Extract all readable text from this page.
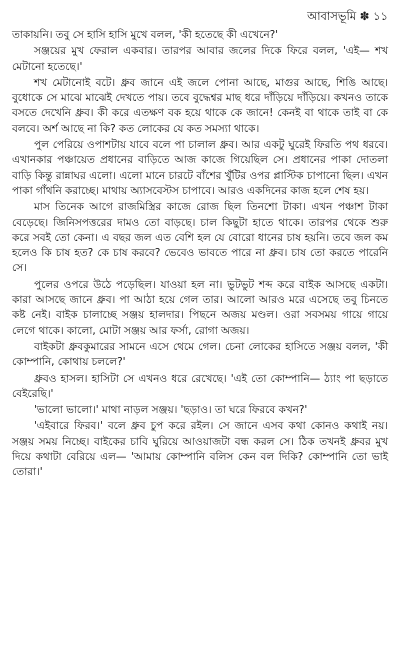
আবাসভূমি ✽ ১১

তাকায়নি। তবু সে হাসি হাসি মুখে বলল, 'কী হতেছে কী এখেনে?'

সঞ্জয়ের মুখ ফেরাল একবার। তারপর আবার জলের দিকে ফিরে বলল, 'এই— শখ মেটানো হতেছে।'

শখ মেটানোই বটে। ধ্রুব জানে এই জলে পোনা আছে, মাগুর আছে, শিঙি আছে। বুধোকে সে মাঝে মাঝেই দেখতে পায়। তবে বুদ্ধেশ্বর মাছ ধরে দাঁড়িয়ে দাঁড়িয়ে। কখনও তাকে বসতে দেখেনি ধ্রুব। কী করে এতক্ষণ বক হয়ে থাকে কে জানে! কেনই বা থাকে তাই বা কে বলবে। অর্শ আছে না কি? কত লোকের যে কত সমস্যা থাকে।

পুল পেরিয়ে ওপাশটায় যাবে বলে পা চালাল ধ্রুব। আর একটু ঘুরেই ফিরতি পথ ধরবে। এখানকার পঞ্চায়েত প্রধানের বাড়িতে আজ কাজে গিয়েছিল সে। প্রধানের পাকা দোতলা বাড়ি কিন্তু রান্নাঘর এলো। এলো মানে চারটে বাঁশের খুঁটির ওপর প্লাস্টিক চাপানো ছিল। এখন পাকা গাঁথনি করাচ্ছে। মাথায় অ্যাসবেস্টস চাপাবে। আরও একদিনের কাজ হলে শেষ হয়।

মাস তিনেক আগে রাজমিস্ত্রির কাজে রোজ ছিল তিনশো টাকা। এখন পঞ্চাশ টাকা বেড়েছে। জিনিসপত্তরের দামও তো বাড়ছে। চাল কিছুটা হাতে থাকে। তারপর থেকে শুরু করে সবই তো কেনা। এ বছর জল এত বেশি হল যে বোরো ধানের চাষ হয়নি। তবে জল কম হলেও কি চাষ হত? কে চাষ করবে? ভেবেও ভাবতে পারে না ধ্রুব। চাষ তো করতে পারেনি সে।

পুলের ওপরে উঠে পড়েছিল। যাওয়া হল না। ভুটভুট শব্দ করে বাইক আসছে একটা। কারা আসছে জানে ধ্রুব। পা আঠা হয়ে গেল তার। আলো আরও মরে এসেছে তবু চিনতে কষ্ট নেই। বাইক চালাচ্ছে সঞ্জয় হালদার। পিছনে অজয় মণ্ডল। ওরা সবসময় গায়ে গায়ে লেগে থাকে। কালো, মোটা সঞ্জয় আর ফর্সা, রোগা অজয়।

বাইকটা ধ্রুবকুমারের সামনে এসে থেমে গেল। চেনা লোকের হাসিতে সঞ্জয় বলল, 'কী কোম্পানি, কোথায় চললে?'

ধ্রুবও হাসল। হাসিটা সে এখনও ধরে রেখেছে। 'এই তো কোম্পানি— ঠ্যাং পা ছড়াতে বেইরেছি।'

'ভালো ভালো।' মাথা নাড়ল সঞ্জয়। 'ছড়াও। তা ঘরে ফিরবে কখন?'

'এইবারে ফিরব।' বলে ধ্রুব চুপ করে রইল। সে জানে এসব কথা কোনও কথাই নয়। সঞ্জয় সময় নিচ্ছে। বাইকের চাবি ঘুরিয়ে আওয়াজটা বন্ধ করল সে। ঠিক তখনই ধ্রুবর মুখ দিয়ে কথাটা বেরিয়ে এল— 'আমায় কোম্পানি বলিস কেন বল দিকি? কোম্পানি তো ভাই তোরা।'
